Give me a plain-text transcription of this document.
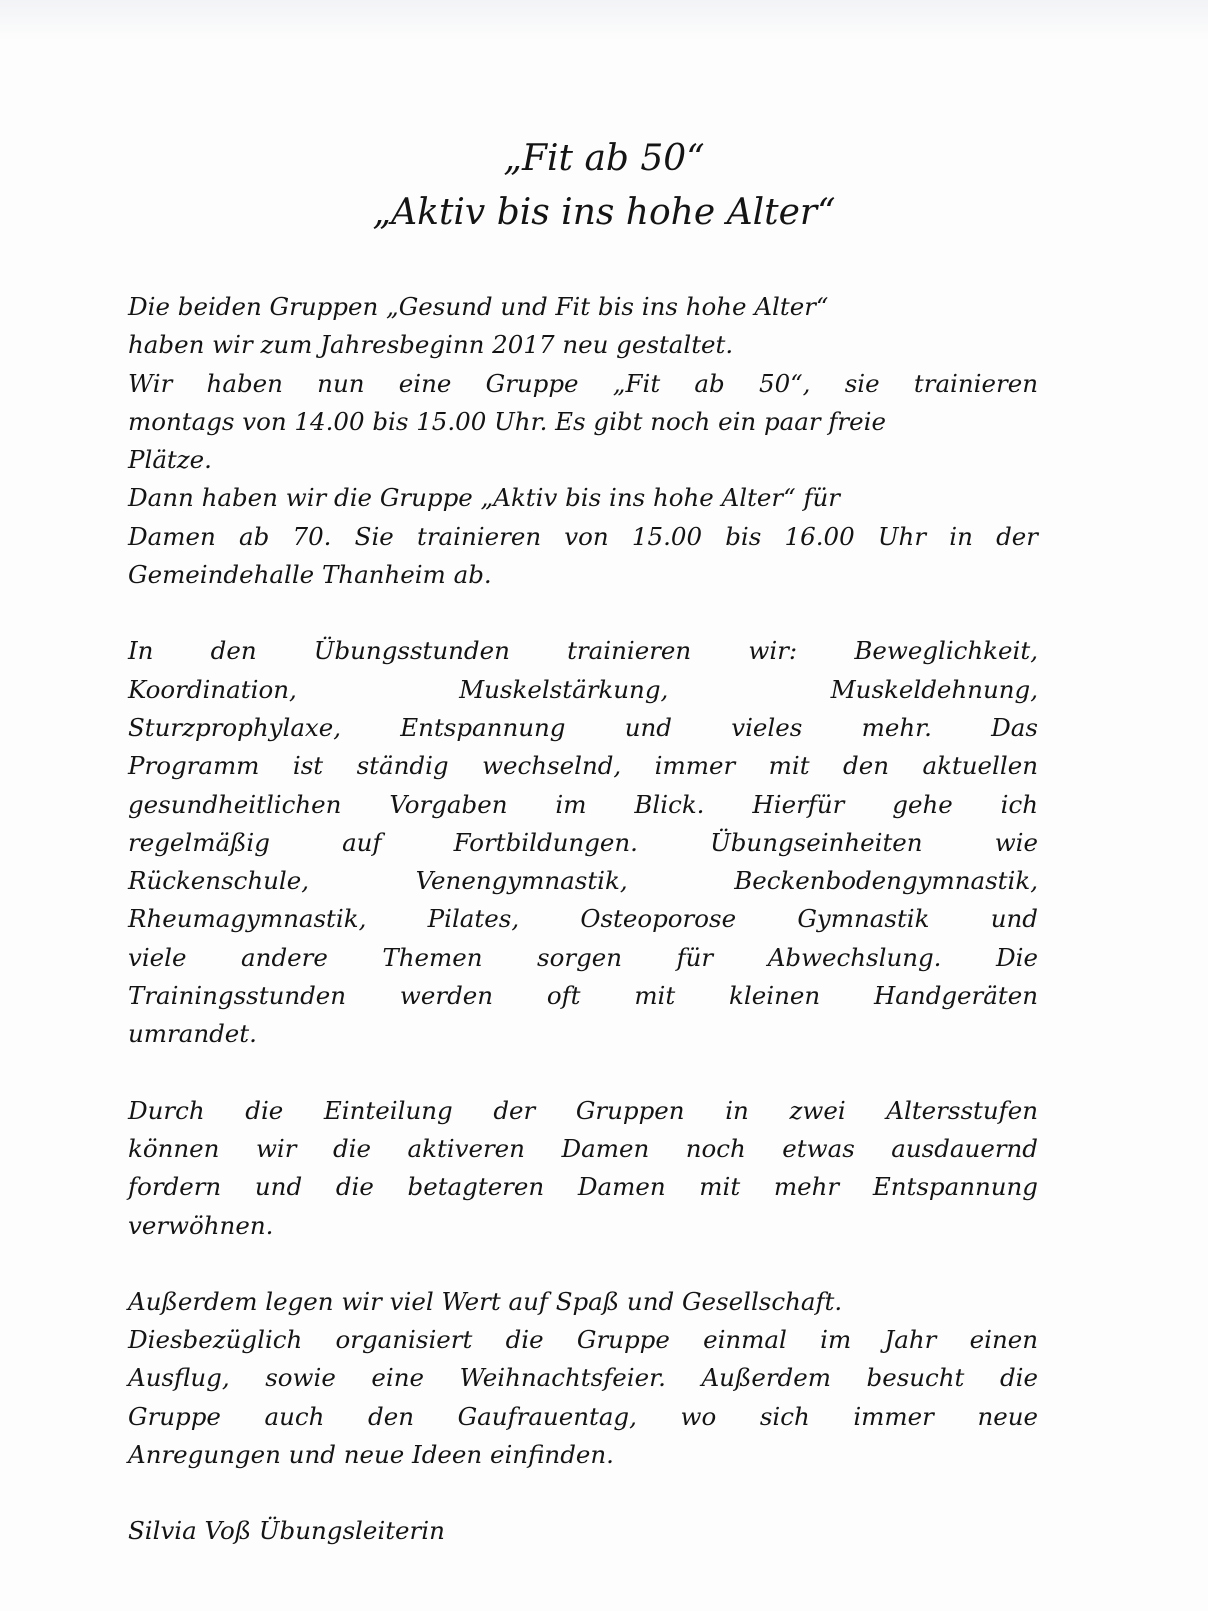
„Fit ab 50“
„Aktiv bis ins hohe Alter“
Die beiden Gruppen „Gesund und Fit bis ins hohe Alter“
haben wir zum Jahresbeginn 2017 neu gestaltet.
Wir haben nun eine Gruppe „Fit ab 50“, sie trainieren
montags von 14.00 bis 15.00 Uhr. Es gibt noch ein paar freie
Plätze.
Dann haben wir die Gruppe „Aktiv bis ins hohe Alter“ für
Damen ab 70. Sie trainieren von 15.00 bis 16.00 Uhr in der
Gemeindehalle Thanheim ab.
In den Übungsstunden trainieren wir: Beweglichkeit,
Koordination, Muskelstärkung, Muskeldehnung,
Sturzprophylaxe, Entspannung und vieles mehr. Das
Programm ist ständig wechselnd, immer mit den aktuellen
gesundheitlichen Vorgaben im Blick. Hierfür gehe ich
regelmäßig auf Fortbildungen. Übungseinheiten wie
Rückenschule, Venengymnastik, Beckenbodengymnastik,
Rheumagymnastik, Pilates, Osteoporose Gymnastik und
viele andere Themen sorgen für Abwechslung. Die
Trainingsstunden werden oft mit kleinen Handgeräten
umrandet.
Durch die Einteilung der Gruppen in zwei Altersstufen
können wir die aktiveren Damen noch etwas ausdauernd
fordern und die betagteren Damen mit mehr Entspannung
verwöhnen.
Außerdem legen wir viel Wert auf Spaß und Gesellschaft.
Diesbezüglich organisiert die Gruppe einmal im Jahr einen
Ausflug, sowie eine Weihnachtsfeier. Außerdem besucht die
Gruppe auch den Gaufrauentag, wo sich immer neue
Anregungen und neue Ideen einfinden.
Silvia Voß Übungsleiterin
